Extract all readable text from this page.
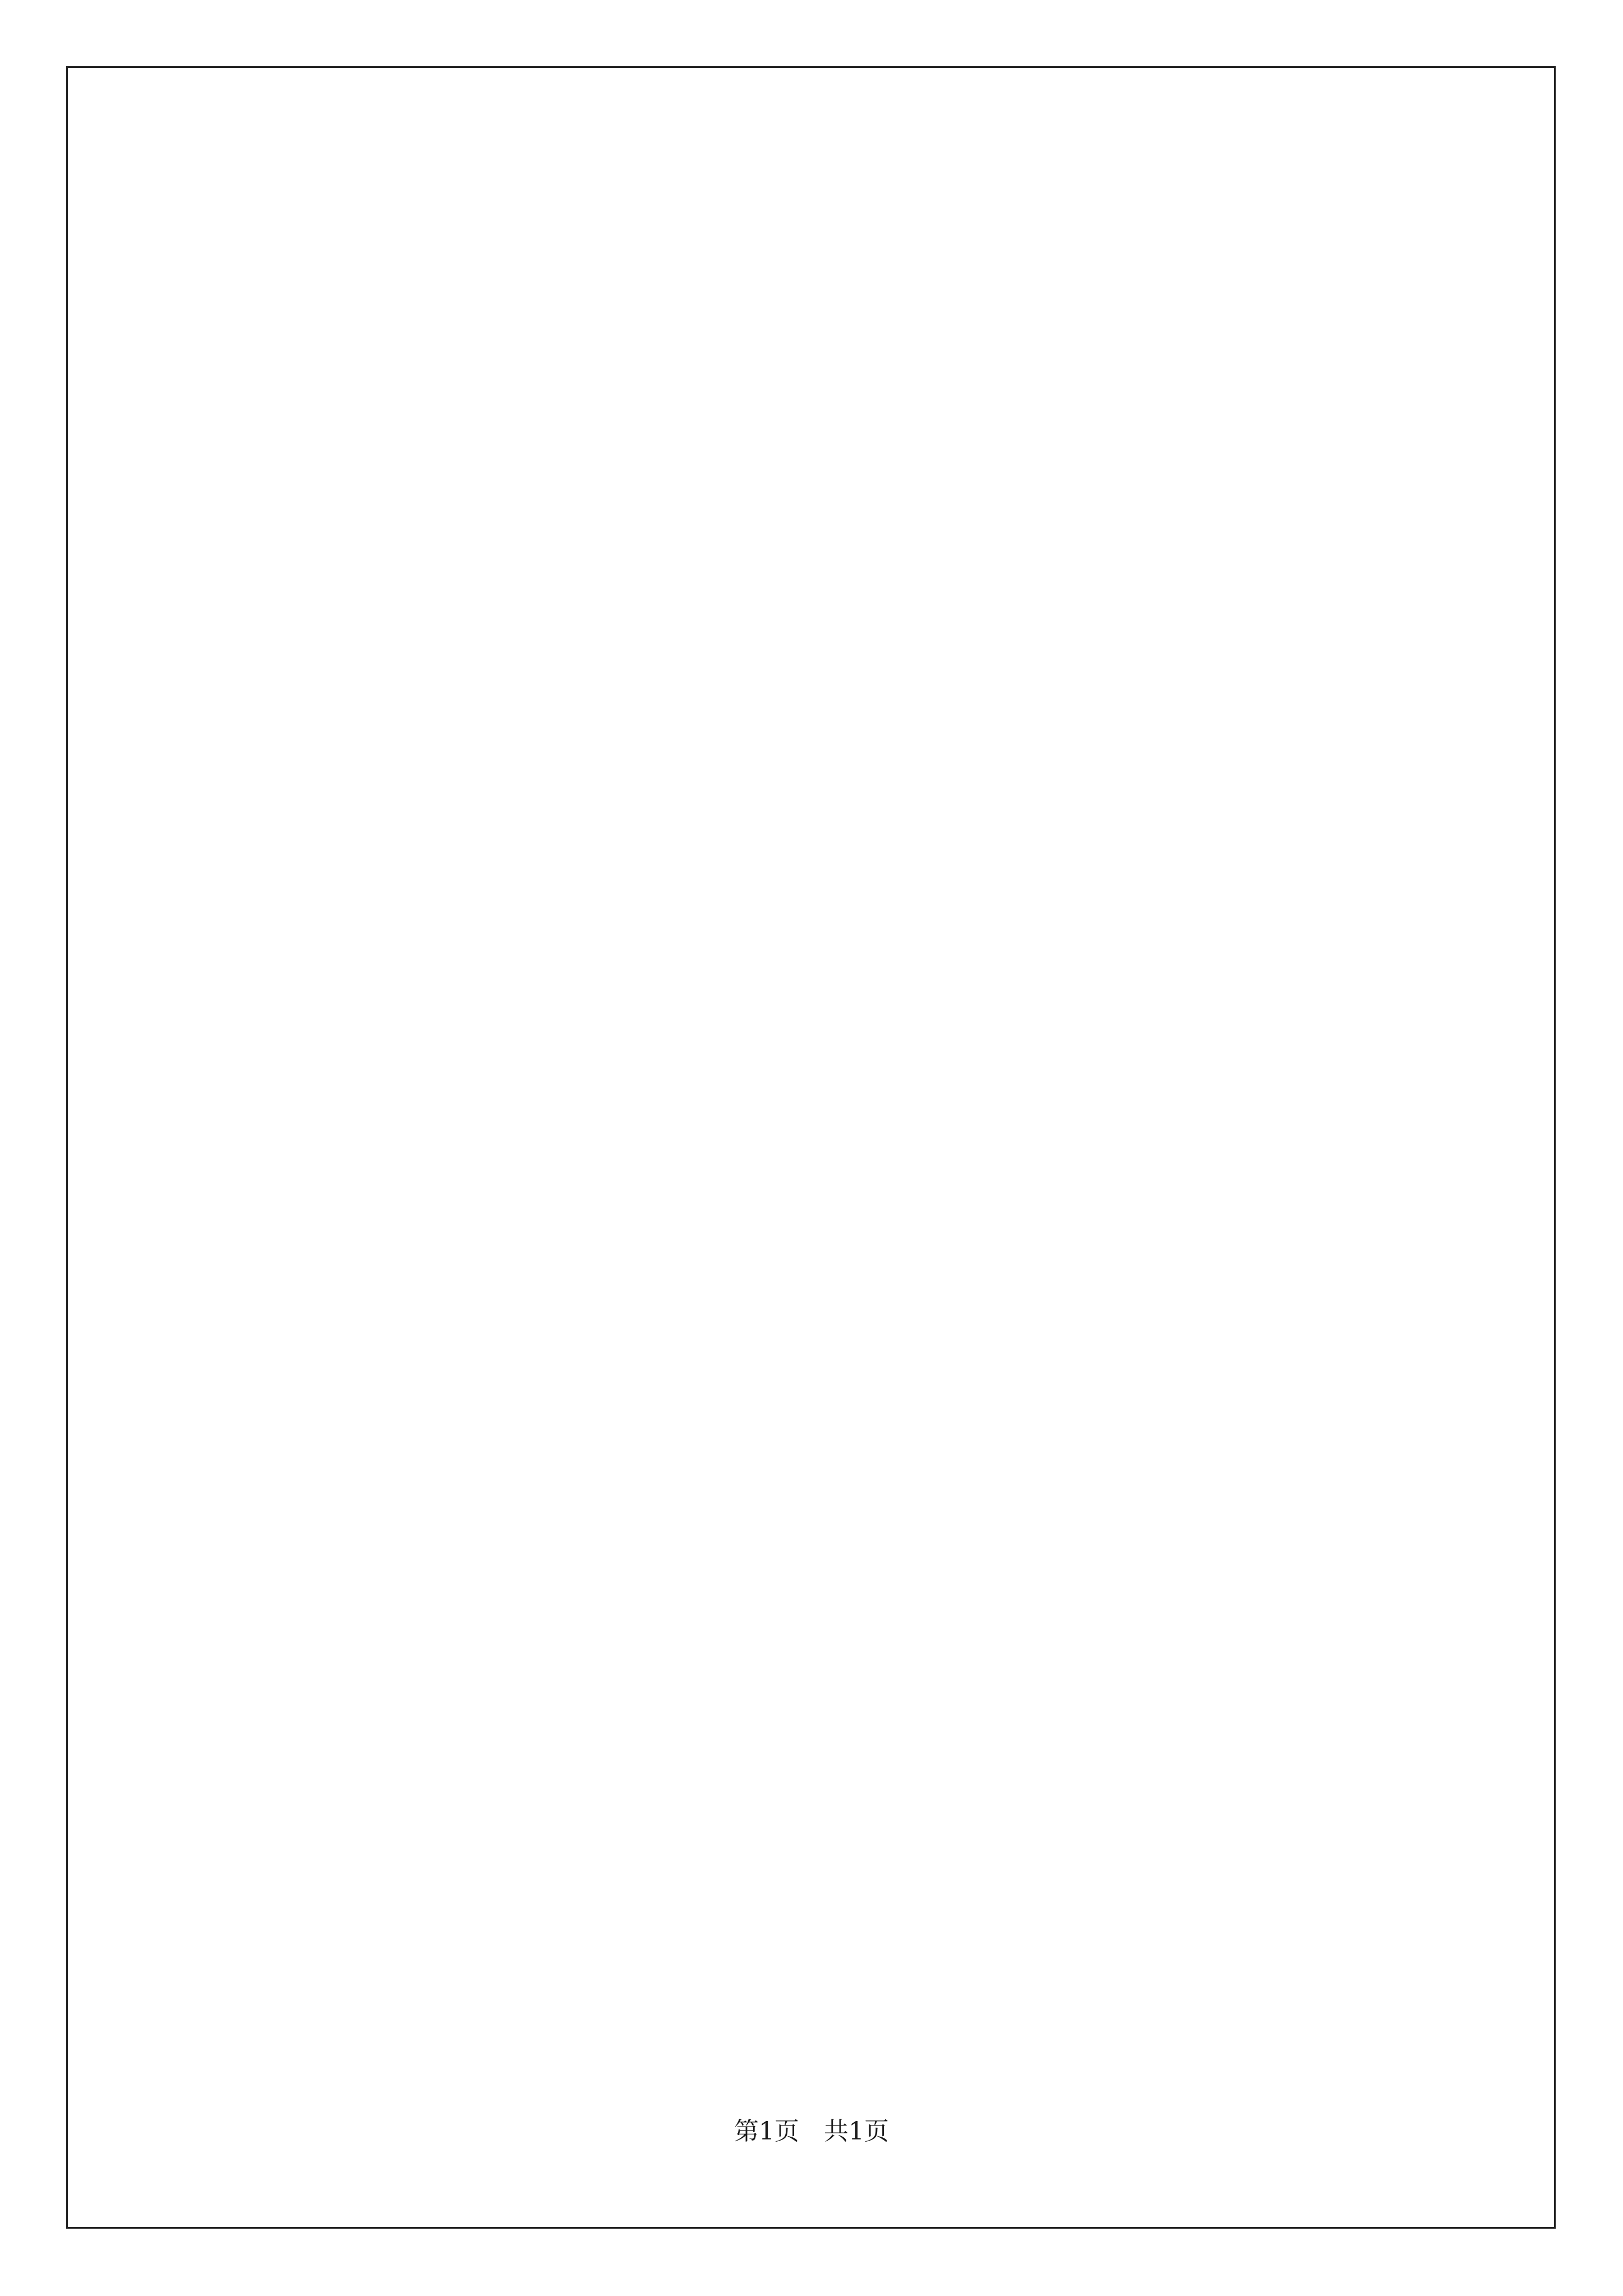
第1页　共1页
